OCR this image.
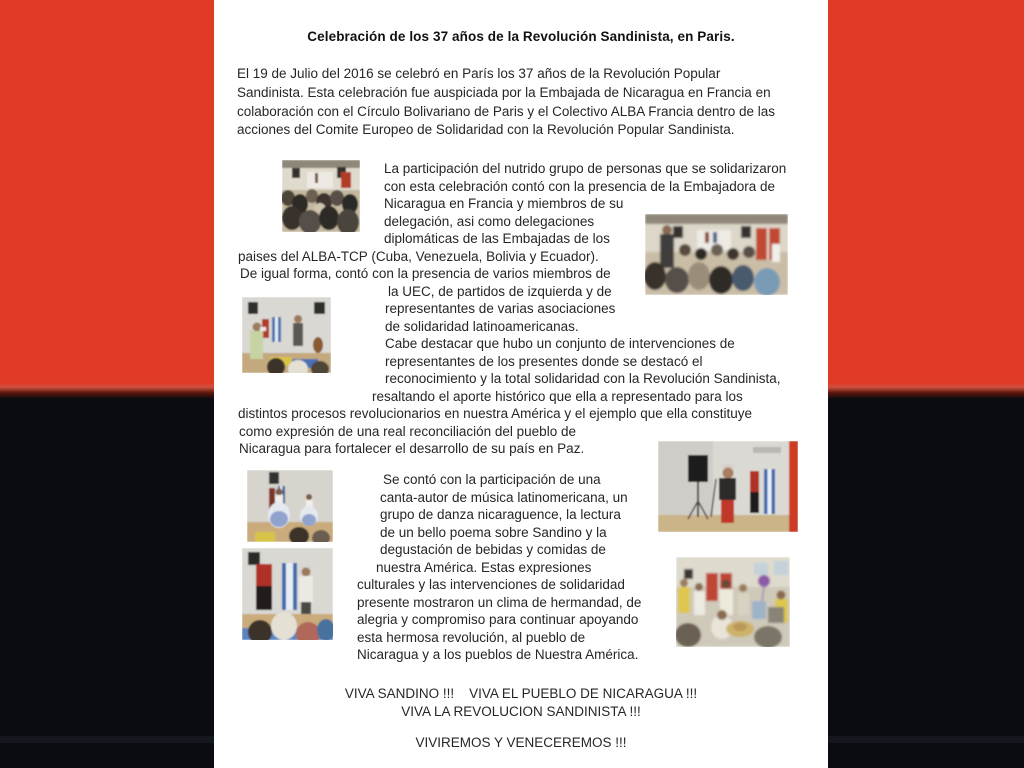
Celebración de los 37 años de la Revolución Sandinista, en Paris.
El 19 de Julio del 2016 se celebró en París los 37 años de la Revolución Popular
Sandinista. Esta celebración fue auspiciada por la Embajada de Nicaragua en Francia en
colaboración con el Círculo Bolivariano de Paris y el Colectivo ALBA Francia dentro de las
acciones del Comite Europeo de Solidaridad con la Revolución Popular Sandinista.
La participación del nutrido grupo de personas que se solidarizaron
con esta celebración contó con la presencia de la Embajadora de
Nicaragua en Francia y miembros de su
delegación, asi como delegaciones
diplomáticas de las Embajadas de los
paises del ALBA-TCP (Cuba, Venezuela, Bolivia y Ecuador).
De igual forma, contó con la presencia de varios miembros de
la UEC, de partidos de izquierda y de
representantes de varias asociaciones
de solidaridad latinoamericanas.
Cabe destacar que hubo un conjunto de intervenciones de
representantes de los presentes donde se destacó el
reconocimiento y la total solidaridad con la Revolución Sandinista,
resaltando el aporte histórico que ella a representado para los
distintos procesos revolucionarios en nuestra América y el ejemplo que ella constituye
como expresión de una real reconciliación del pueblo de
Nicaragua para fortalecer el desarrollo de su país en Paz.
Se contó con la participación de una
canta-autor de música latinomericana, un
grupo de danza nicaraguence, la lectura
de un bello poema sobre Sandino y la
degustación de bebidas y comidas de
nuestra América. Estas expresiones
culturales y las intervenciones de solidaridad
presente mostraron un clima de hermandad, de
alegria y compromiso para continuar apoyando
esta hermosa revolución, al pueblo de
Nicaragua y a los pueblos de Nuestra América.
VIVA SANDINO !!!    VIVA EL PUEBLO DE NICARAGUA !!!
VIVA LA REVOLUCION SANDINISTA !!!
VIVIREMOS Y VENECEREMOS !!!
